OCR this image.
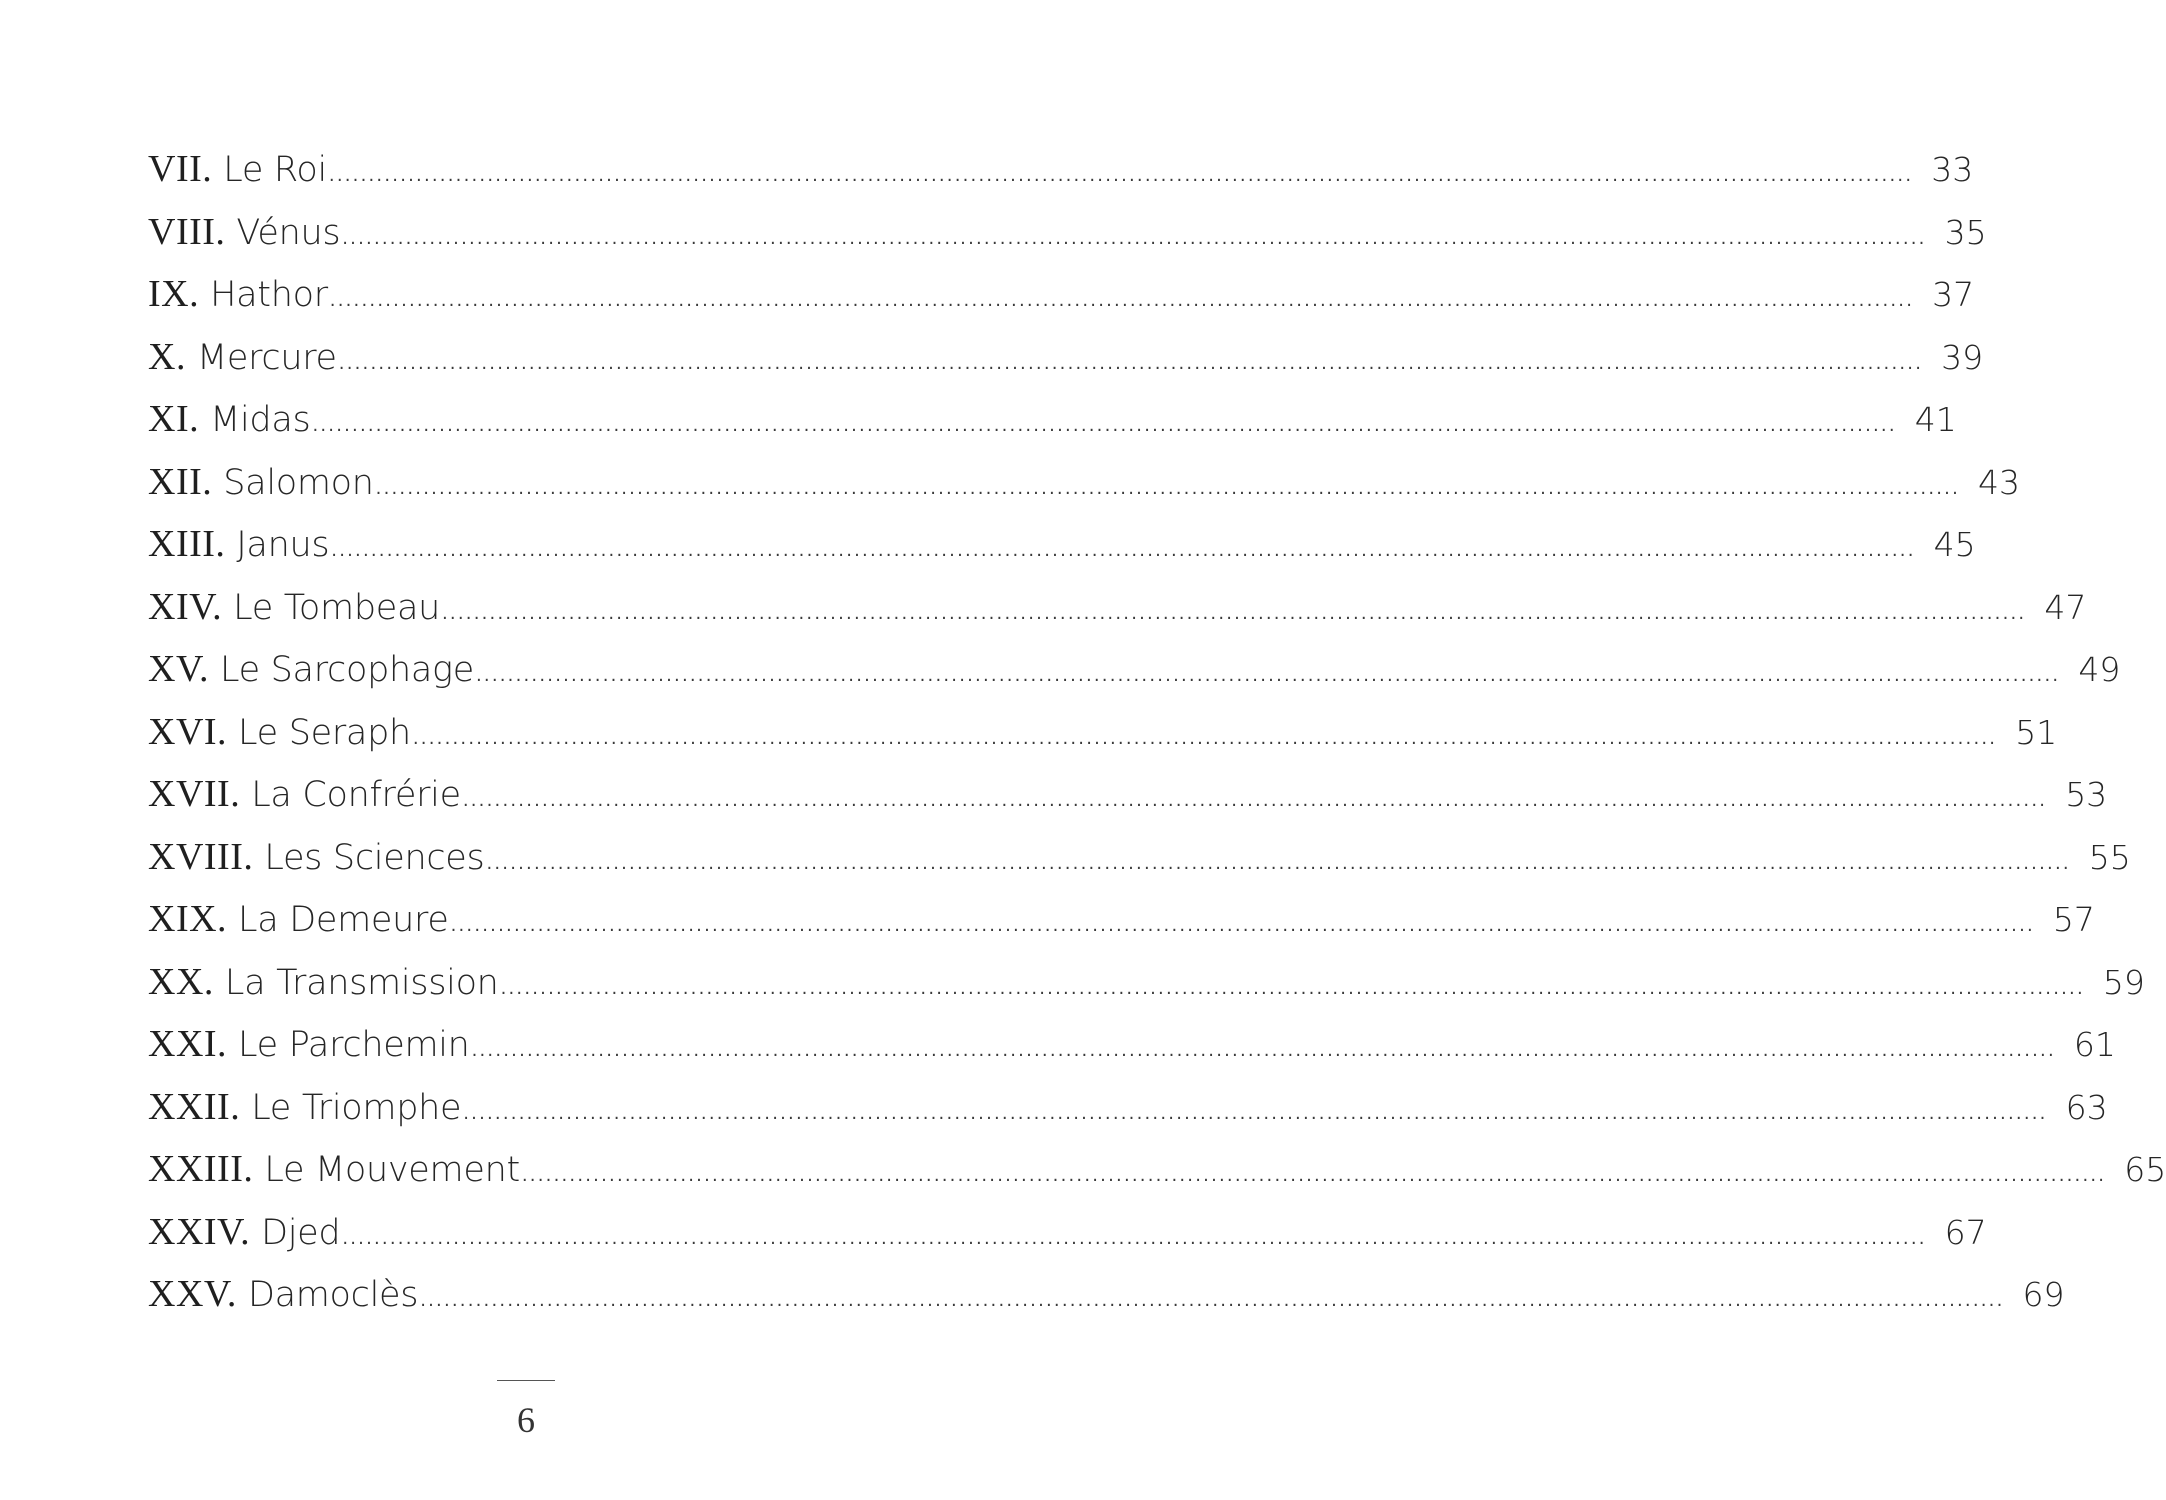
VII. Le Roi ........................................................................................................................................................................................................ 33
VIII. Vénus ........................................................................................................................................................................................................ 35
IX. Hathor ........................................................................................................................................................................................................ 37
X. Mercure ........................................................................................................................................................................................................ 39
XI. Midas ........................................................................................................................................................................................................ 41
XII. Salomon ........................................................................................................................................................................................................ 43
XIII. Janus ........................................................................................................................................................................................................ 45
XIV. Le Tombeau ........................................................................................................................................................................................................ 47
XV. Le Sarcophage ........................................................................................................................................................................................................ 49
XVI. Le Seraph ........................................................................................................................................................................................................ 51
XVII. La Confrérie ........................................................................................................................................................................................................ 53
XVIII. Les Sciences ........................................................................................................................................................................................................ 55
XIX. La Demeure ........................................................................................................................................................................................................ 57
XX. La Transmission ........................................................................................................................................................................................................ 59
XXI. Le Parchemin ........................................................................................................................................................................................................ 61
XXII. Le Triomphe ........................................................................................................................................................................................................ 63
XXIII. Le Mouvement ........................................................................................................................................................................................................ 65
XXIV. Djed ........................................................................................................................................................................................................ 67
XXV. Damoclès ........................................................................................................................................................................................................ 69
6
